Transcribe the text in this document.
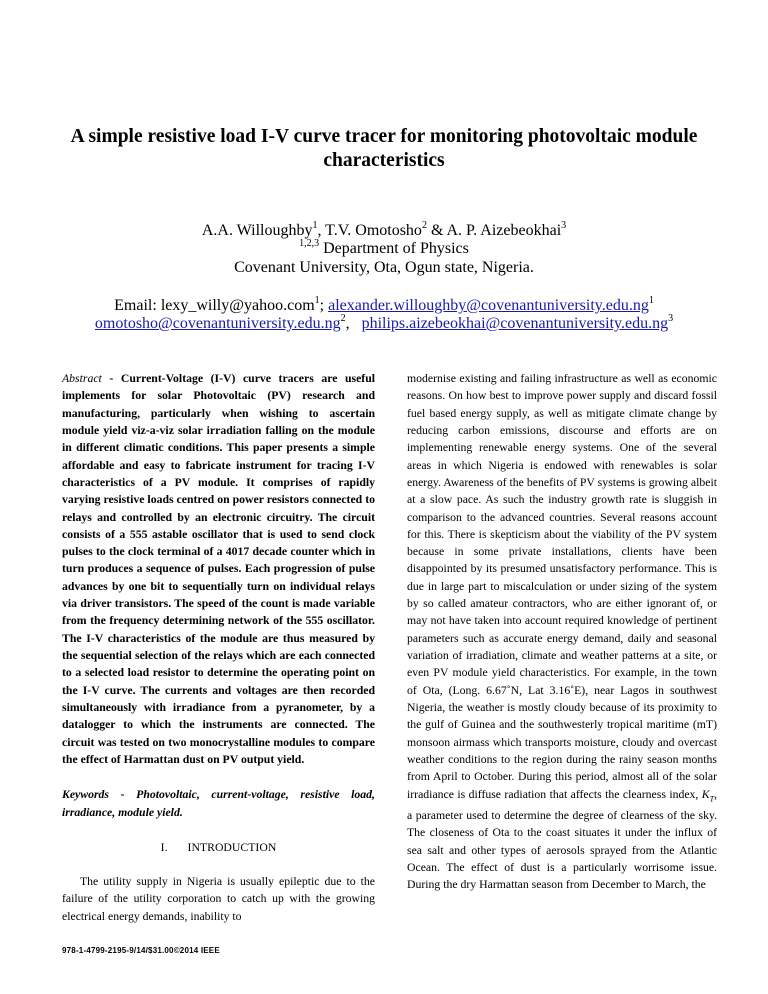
A simple resistive load I-V curve tracer for monitoring photovoltaic module characteristics
A.A. Willoughby$^1$, T.V. Omotosho$^2$ & A. P. Aizebeokhai$^3$
$^{1,2,3}$ Department of Physics
Covenant University, Ota, Ogun state, Nigeria.
Email: lexy_willy@yahoo.com$^1$; $alexander.willoughby@covenantuniversity.edu.ng^1$
$omotosho@covenantuniversity.edu.ng^2$,   $philips.aizebeokhai@covenantuniversity.edu.ng^3$

Abstract - Current-Voltage (I-V) curve tracers are useful implements for solar Photovoltaic (PV) research and manufacturing, particularly when wishing to ascertain module yield viz-a-viz solar irradiation falling on the module in different climatic conditions. This paper presents a simple affordable and easy to fabricate instrument for tracing I-V characteristics of a PV module. It comprises of rapidly varying resistive loads centred on power resistors connected to relays and controlled by an electronic circuitry. The circuit consists of a 555 astable oscillator that is used to send clock pulses to the clock terminal of a 4017 decade counter which in turn produces a sequence of pulses. Each progression of pulse advances by one bit to sequentially turn on individual relays via driver transistors. The speed of the count is made variable from the frequency determining network of the 555 oscillator. The I-V characteristics of the module are thus measured by the sequential selection of the relays which are each connected to a selected load resistor to determine the operating point on the I-V curve. The currents and voltages are then recorded simultaneously with irradiance from a pyranometer, by a datalogger to which the instruments are connected. The circuit was tested on two monocrystalline modules to compare the effect of Harmattan dust on PV output yield.

Keywords - Photovoltaic, current-voltage, resistive load, irradiance, module yield.

I. INTRODUCTION

The utility supply in Nigeria is usually epileptic due to the failure of the utility corporation to catch up with the growing electrical energy demands, inability to

modernise existing and failing infrastructure as well as economic reasons. On how best to improve power supply and discard fossil fuel based energy supply, as well as mitigate climate change by reducing carbon emissions, discourse and efforts are on implementing renewable energy systems. One of the several areas in which Nigeria is endowed with renewables is solar energy. Awareness of the benefits of PV systems is growing albeit at a slow pace. As such the industry growth rate is sluggish in comparison to the advanced countries. Several reasons account for this. There is skepticism about the viability of the PV system because in some private installations, clients have been disappointed by its presumed unsatisfactory performance. This is due in large part to miscalculation or under sizing of the system by so called amateur contractors, who are either ignorant of, or may not have taken into account required knowledge of pertinent parameters such as accurate energy demand, daily and seasonal variation of irradiation, climate and weather patterns at a site, or even PV module yield characteristics. For example, in the town of Ota, (Long. 6.67˚N, Lat 3.16˚E), near Lagos in southwest Nigeria, the weather is mostly cloudy because of its proximity to the gulf of Guinea and the southwesterly tropical maritime (mT) monsoon airmass which transports moisture, cloudy and overcast weather conditions to the region during the rainy season months from April to October. During this period, almost all of the solar irradiance is diffuse radiation that affects the clearness index, $K_T$, a parameter used to determine the degree of clearness of the sky. The closeness of Ota to the coast situates it under the influx of sea salt and other types of aerosols sprayed from the Atlantic Ocean. The effect of dust is a particularly worrisome issue. During the dry Harmattan season from December to March, the

978-1-4799-2195-9/14/$31.00©2014 IEEE
